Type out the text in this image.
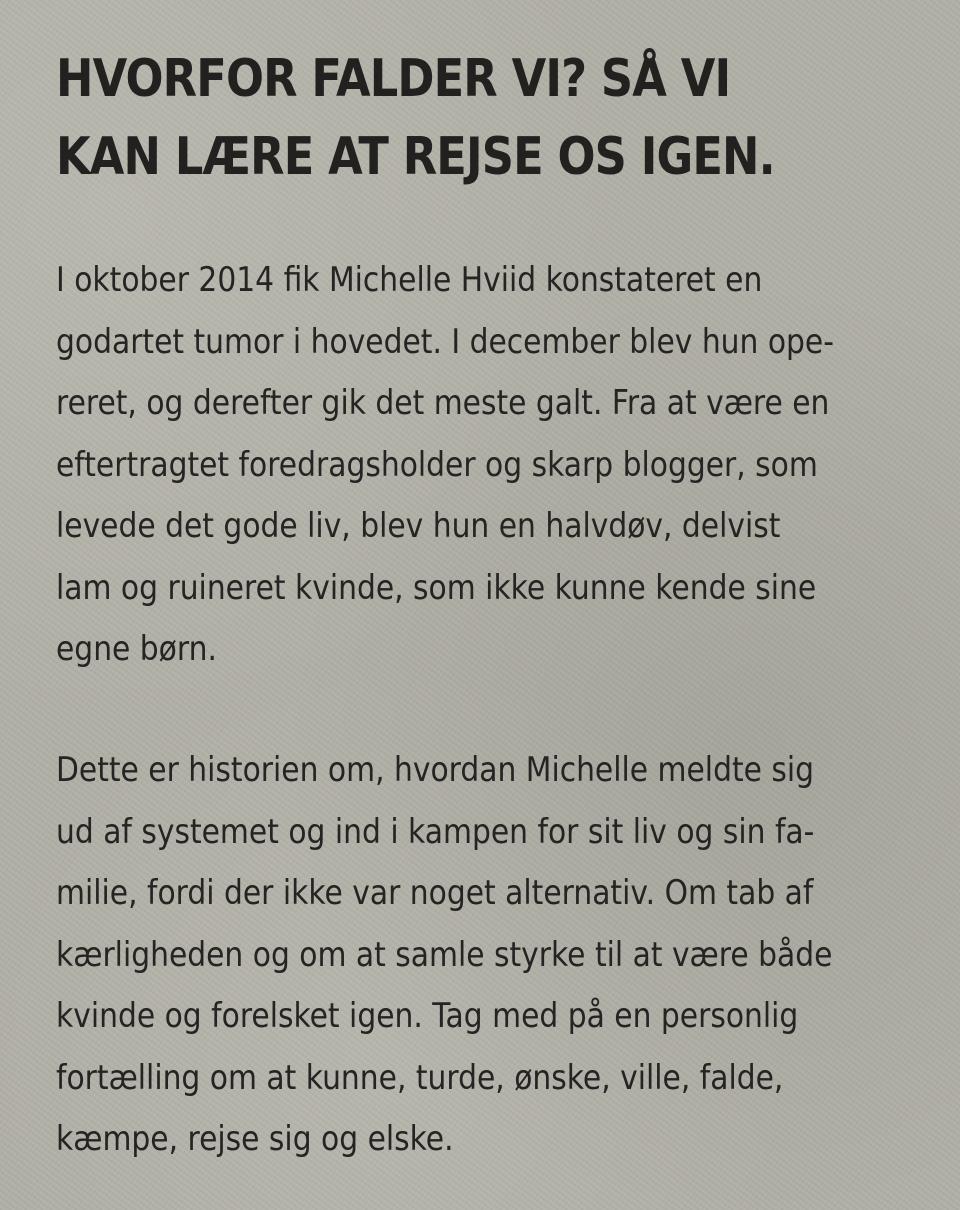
HVORFOR FALDER VI? SÅ VI
KAN LÆRE AT REJSE OS IGEN.

I oktober 2014 fik Michelle Hviid konstateret en
godartet tumor i hovedet. I december blev hun ope-
reret, og derefter gik det meste galt. Fra at være en
eftertragtet foredragsholder og skarp blogger, som
levede det gode liv, blev hun en halvdøv, delvist
lam og ruineret kvinde, som ikke kunne kende sine
egne børn.

Dette er historien om, hvordan Michelle meldte sig
ud af systemet og ind i kampen for sit liv og sin fa-
milie, fordi der ikke var noget alternativ. Om tab af
kærligheden og om at samle styrke til at være både
kvinde og forelsket igen. Tag med på en personlig
fortælling om at kunne, turde, ønske, ville, falde,
kæmpe, rejse sig og elske.
